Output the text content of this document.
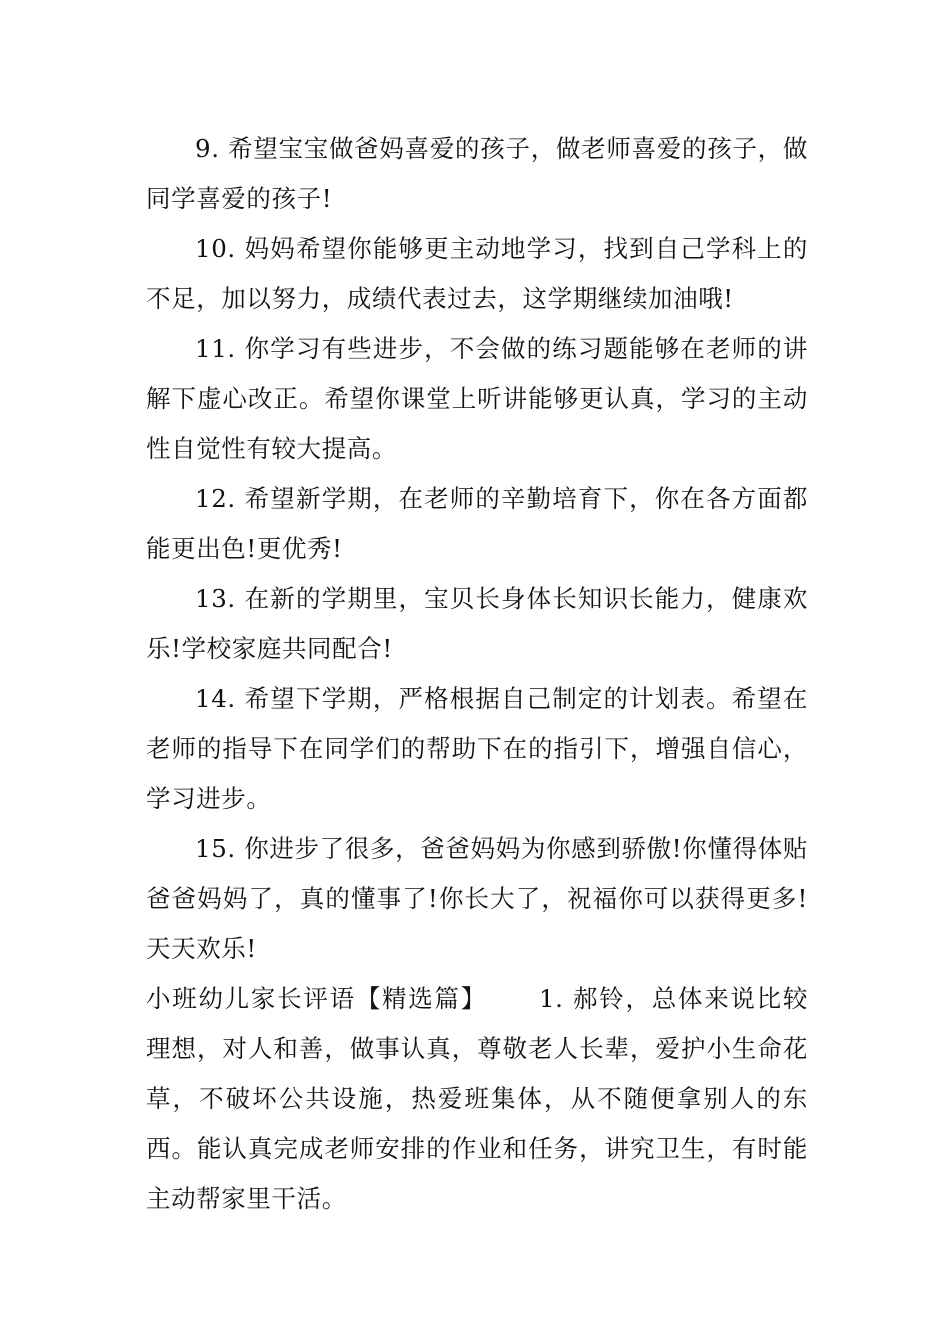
9. 希望宝宝做爸妈喜爱的孩子，做老师喜爱的孩子，做同学喜爱的孩子!

10. 妈妈希望你能够更主动地学习，找到自己学科上的不足，加以努力，成绩代表过去，这学期继续加油哦!

11. 你学习有些进步，不会做的练习题能够在老师的讲解下虚心改正。希望你课堂上听讲能够更认真，学习的主动性自觉性有较大提高。

12. 希望新学期，在老师的辛勤培育下，你在各方面都能更出色!更优秀!

13. 在新的学期里，宝贝长身体长知识长能力，健康欢乐!学校家庭共同配合!

14. 希望下学期，严格根据自己制定的计划表。希望在老师的指导下在同学们的帮助下在的指引下，增强自信心，学习进步。

15. 你进步了很多，爸爸妈妈为你感到骄傲!你懂得体贴爸爸妈妈了，真的懂事了!你长大了，祝福你可以获得更多!天天欢乐!

小班幼儿家长评语【精选篇】 1. 郝铃，总体来说比较理想，对人和善，做事认真，尊敬老人长辈，爱护小生命花草，不破坏公共设施，热爱班集体，从不随便拿别人的东西。能认真完成老师安排的作业和任务，讲究卫生，有时能主动帮家里干活。
